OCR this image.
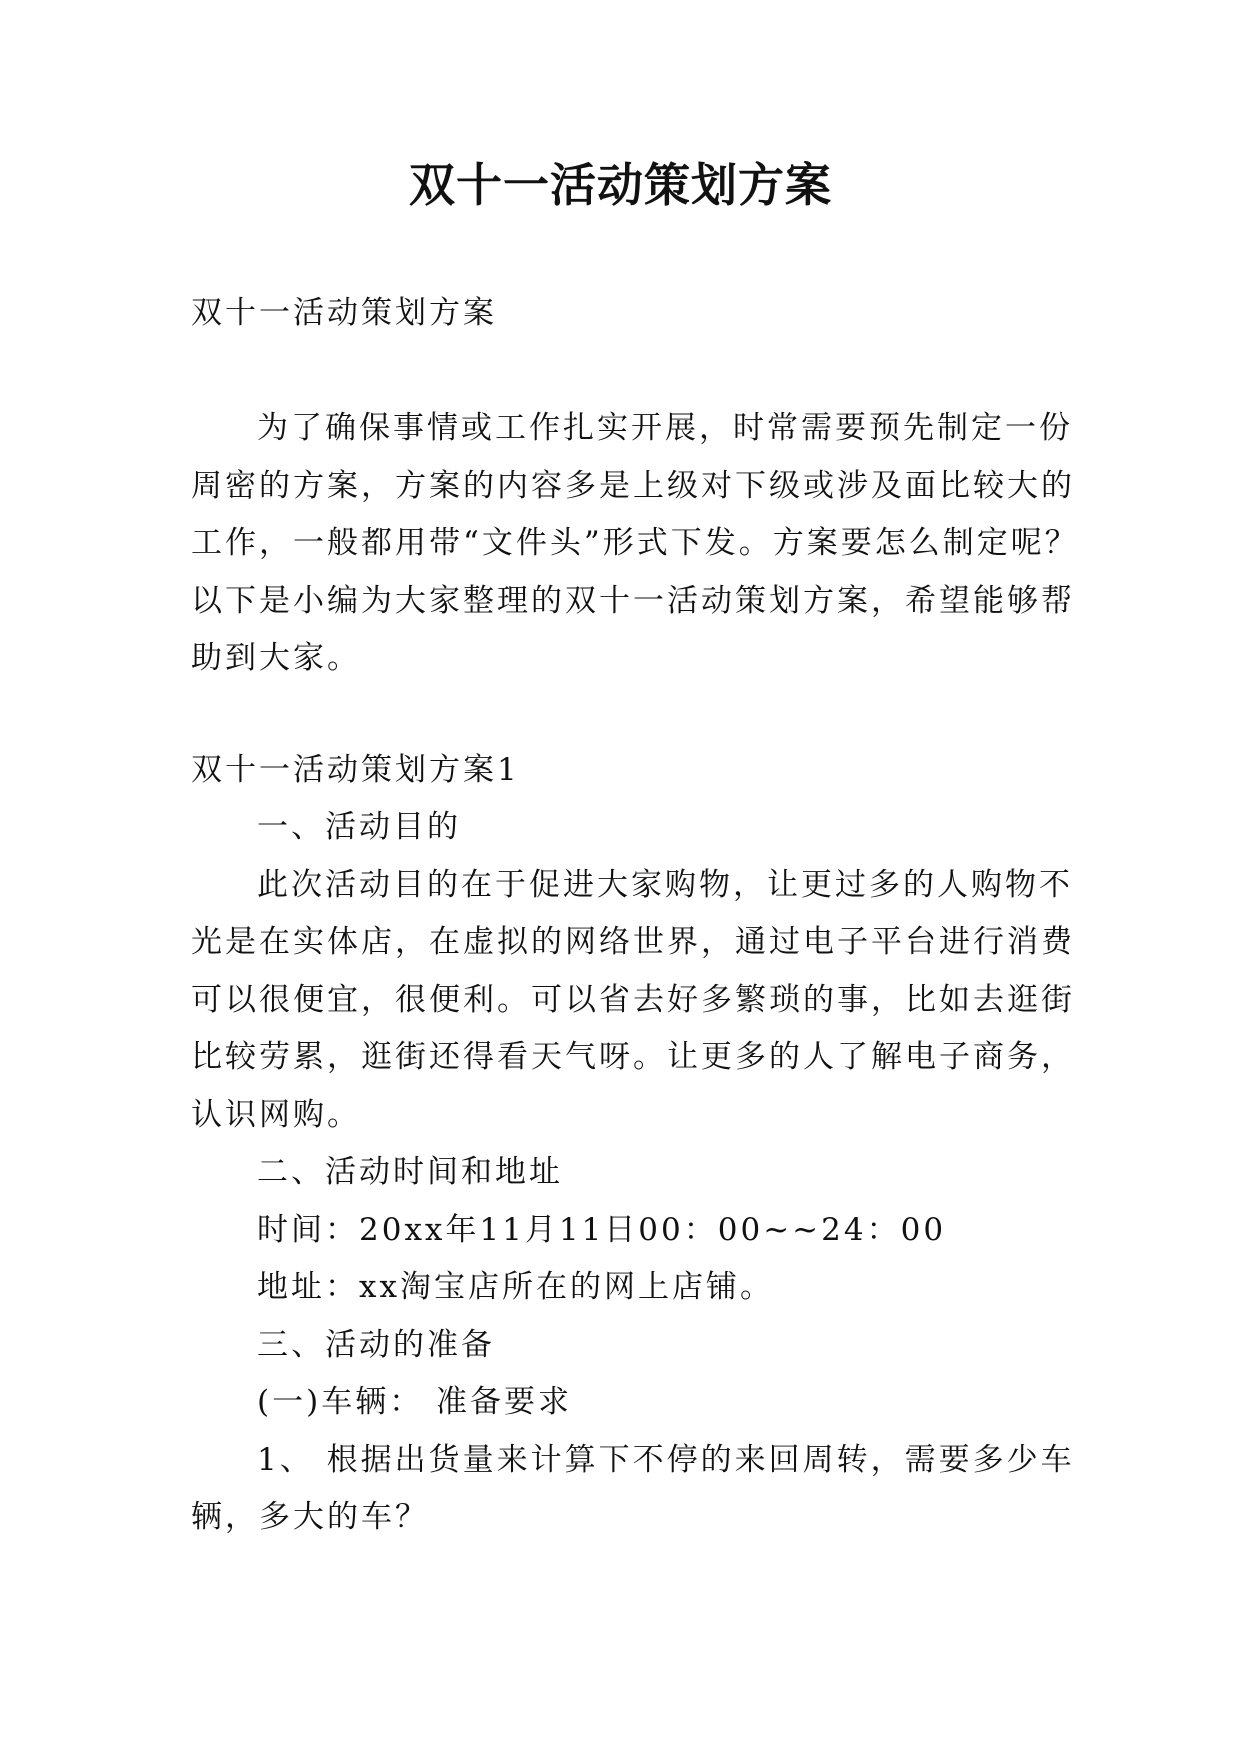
双十一活动策划方案

双十一活动策划方案

为了确保事情或工作扎实开展，时常需要预先制定一份

周密的方案，方案的内容多是上级对下级或涉及面比较大的

工作，一般都用带“文件头”形式下发。方案要怎么制定呢？

以下是小编为大家整理的双十一活动策划方案，希望能够帮

助到大家。

双十一活动策划方案1

一、活动目的

此次活动目的在于促进大家购物，让更过多的人购物不

光是在实体店，在虚拟的网络世界，通过电子平台进行消费

可以很便宜，很便利。可以省去好多繁琐的事，比如去逛街

比较劳累，逛街还得看天气呀。让更多的人了解电子商务，

认识网购。

二、活动时间和地址

时间：20xx年11月11日00：00~~24：00

地址：xx淘宝店所在的网上店铺。

三、活动的准备

(一)车辆： 准备要求

1、 根据出货量来计算下不停的来回周转，需要多少车

辆，多大的车？
